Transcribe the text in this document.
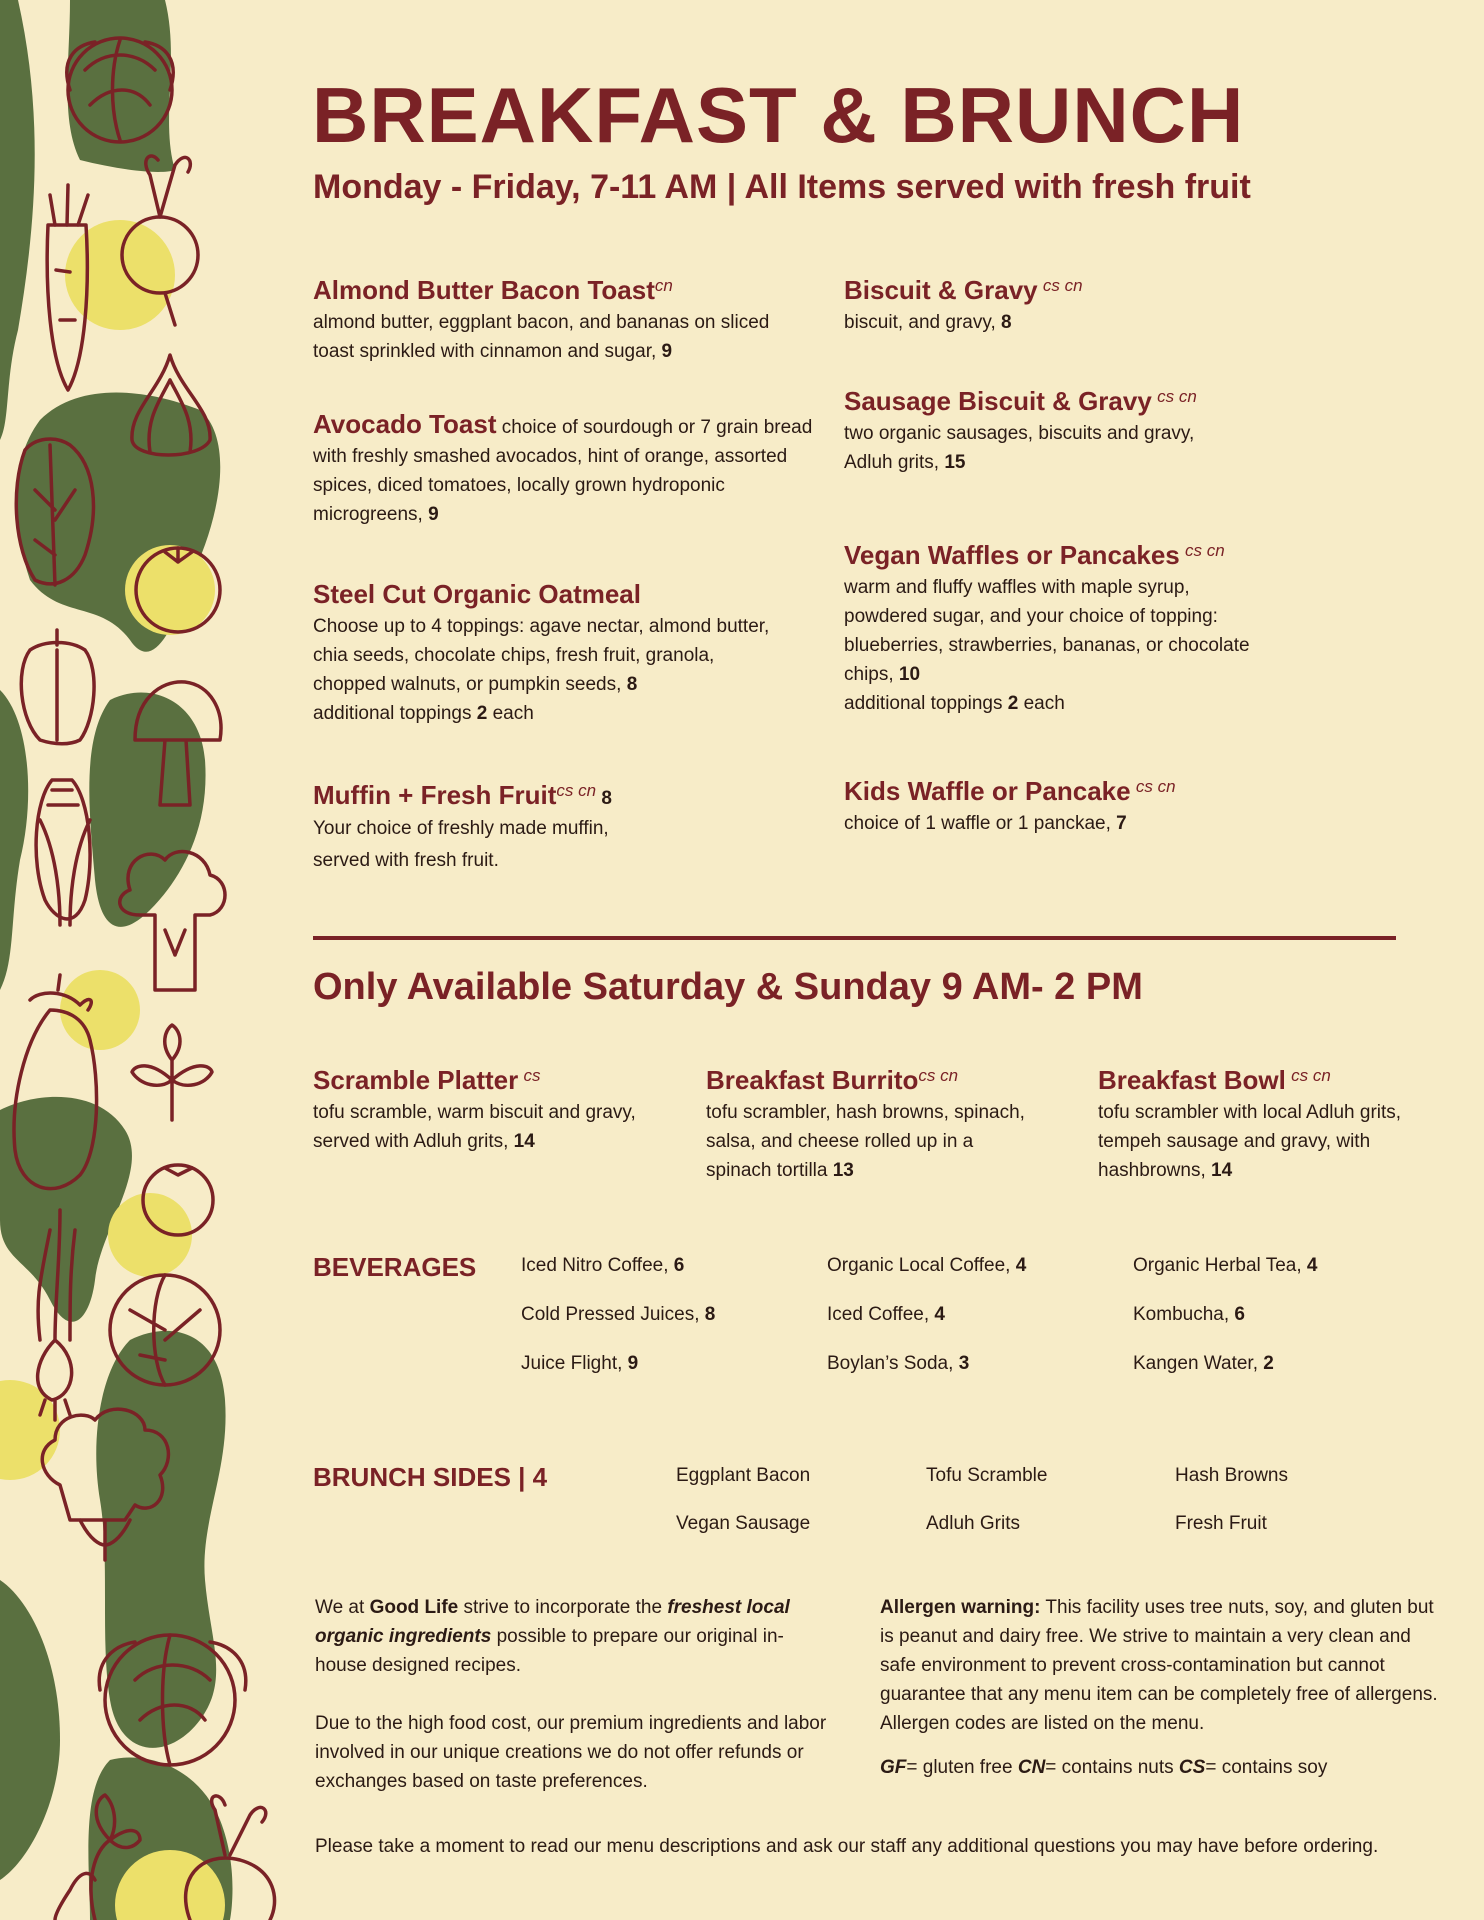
BREAKFAST & BRUNCH
Monday - Friday, 7-11 AM | All Items served with fresh fruit
Almond Butter Bacon Toast$^{cn}$
almond butter, eggplant bacon, and bananas on sliced toast sprinkled with cinnamon and sugar, 9
Avocado Toast choice of sourdough or 7 grain bread with freshly smashed avocados, hint of orange, assorted spices, diced tomatoes, locally grown hydroponic microgreens, 9
Steel Cut Organic Oatmeal
Choose up to 4 toppings: agave nectar, almond butter, chia seeds, chocolate chips, fresh fruit, granola, chopped walnuts, or pumpkin seeds, 8
additional toppings 2 each
Muffin + Fresh Fruit$^{cs cn}$ 8
Your choice of freshly made muffin, served with fresh fruit.
Biscuit & Gravy $^{cs cn}$
biscuit, and gravy, 8
Sausage Biscuit & Gravy $^{cs cn}$
two organic sausages, biscuits and gravy, Adluh grits, 15
Vegan Waffles or Pancakes $^{cs cn}$
warm and fluffy waffles with maple syrup, powdered sugar, and your choice of topping: blueberries, strawberries, bananas, or chocolate chips, 10
additional toppings 2 each
Kids Waffle or Pancake $^{cs cn}$
choice of 1 waffle or 1 panckae, 7
Only Available Saturday & Sunday 9 AM- 2 PM
Scramble Platter $^{cs}$
tofu scramble, warm biscuit and gravy, served with Adluh grits, 14
Breakfast Burrito$^{cs cn}$
tofu scrambler, hash browns, spinach, salsa, and cheese rolled up in a spinach tortilla 13
Breakfast Bowl $^{cs cn}$
tofu scrambler with local Adluh grits, tempeh sausage and gravy, with hashbrowns, 14
BEVERAGES Iced Nitro Coffee, 6	Organic Local Coffee, 4	Organic Herbal Tea, 4
Cold Pressed Juices, 8	Iced Coffee, 4	Kombucha, 6
Juice Flight, 9	Boylan’s Soda, 3	Kangen Water, 2
BRUNCH SIDES | 4	Eggplant Bacon	Tofu Scramble	Hash Browns
Vegan Sausage	Adluh Grits	Fresh Fruit
We at Good Life strive to incorporate the freshest local organic ingredients possible to prepare our original in-house designed recipes.
Due to the high food cost, our premium ingredients and labor involved in our unique creations we do not offer refunds or exchanges based on taste preferences.
Allergen warning: This facility uses tree nuts, soy, and gluten but is peanut and dairy free. We strive to maintain a very clean and safe environment to prevent cross-contamination but cannot guarantee that any menu item can be completely free of allergens. Allergen codes are listed on the menu.
GF= gluten free CN= contains nuts CS= contains soy
Please take a moment to read our menu descriptions and ask our staff any additional questions you may have before ordering.
